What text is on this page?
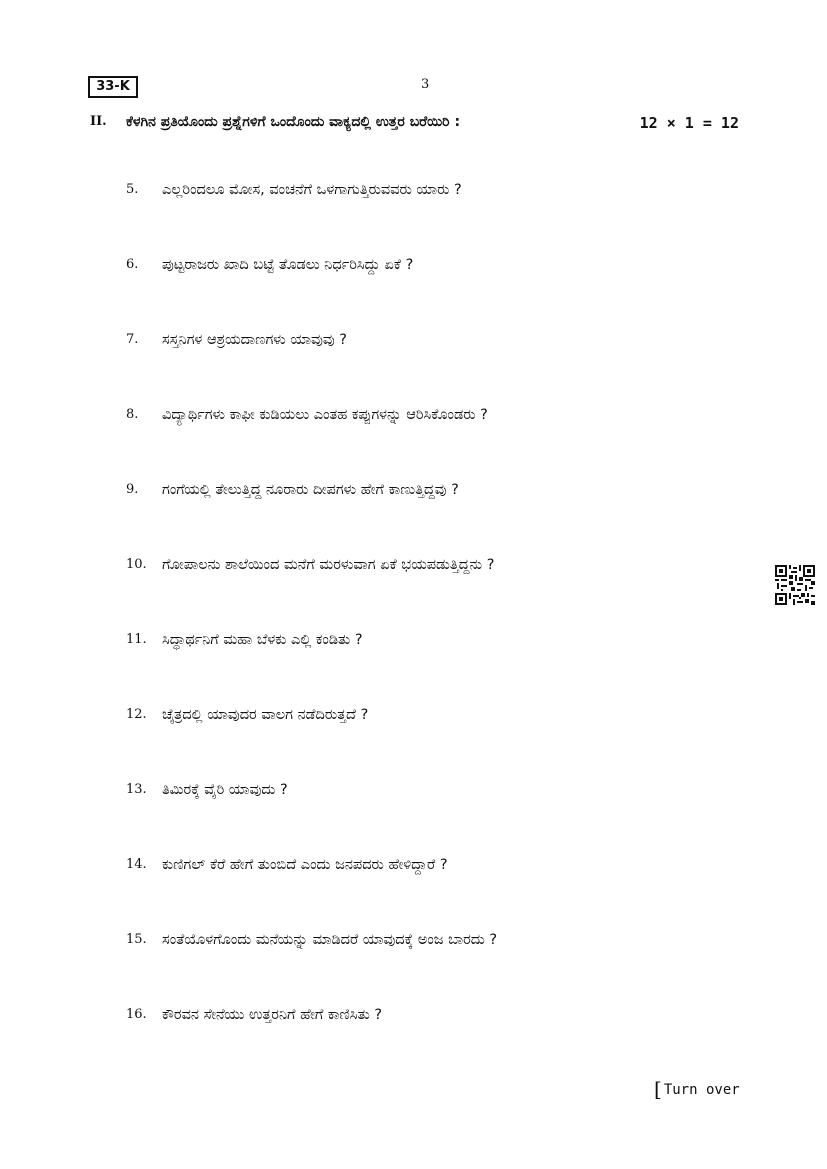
33-K	3
II. ಕೆಳಗಿನ ಪ್ರತಿಯೊಂದು ಪ್ರಶ್ನೆಗಳಿಗೆ ಒಂದೊಂದು ವಾಕ್ಯದಲ್ಲಿ ಉತ್ತರ ಬರೆಯಿರಿ :	12 × 1 = 12
5. ಎಲ್ಲರಿಂದಲೂ ಮೋಸ, ವಂಚನೆಗೆ ಒಳಗಾಗುತ್ತಿರುವವರು ಯಾರು ?
6. ಪುಟ್ಟರಾಜರು ಖಾದಿ ಬಟ್ಟೆ ತೊಡಲು ನಿರ್ಧರಿಸಿದ್ದು ಏಕೆ ?
7. ಸಸ್ತನಿಗಳ ಆಶ್ರಯದಾಣಗಳು ಯಾವುವು ?
8. ವಿದ್ಯಾರ್ಥಿಗಳು ಕಾಫೀ ಕುಡಿಯಲು ಎಂತಹ ಕಪ್ಪುಗಳನ್ನು ಆರಿಸಿಕೊಂಡರು ?
9. ಗಂಗೆಯಲ್ಲಿ ತೇಲುತ್ತಿದ್ದ ನೂರಾರು ದೀಪಗಳು ಹೇಗೆ ಕಾಣುತ್ತಿದ್ದವು ?
10. ಗೋಪಾಲನು ಶಾಲೆಯಿಂದ ಮನೆಗೆ ಮರಳುವಾಗ ಏಕೆ ಭಯಪಡುತ್ತಿದ್ದನು ?
11. ಸಿದ್ಧಾರ್ಥನಿಗೆ ಮಹಾ ಬೆಳಕು ಎಲ್ಲಿ ಕಂಡಿತು ?
12. ಚೈತ್ರದಲ್ಲಿ ಯಾವುದರ ವಾಲಗ ನಡೆದಿರುತ್ತದೆ ?
13. ತಿಮಿರಕ್ಕೆ ವೈರಿ ಯಾವುದು ?
14. ಕುಣಿಗಲ್ ಕೆರೆ ಹೇಗೆ ತುಂಬಿದೆ ಎಂದು ಜನಪದರು ಹೇಳಿದ್ದಾರೆ ?
15. ಸಂತೆಯೊಳಗೊಂದು ಮನೆಯನ್ನು ಮಾಡಿದರೆ ಯಾವುದಕ್ಕೆ ಅಂಜ ಬಾರದು ?
16. ಕೌರವನ ಸೇನೆಯು ಉತ್ತರನಿಗೆ ಹೇಗೆ ಕಾಣಿಸಿತು ?
[ Turn over
